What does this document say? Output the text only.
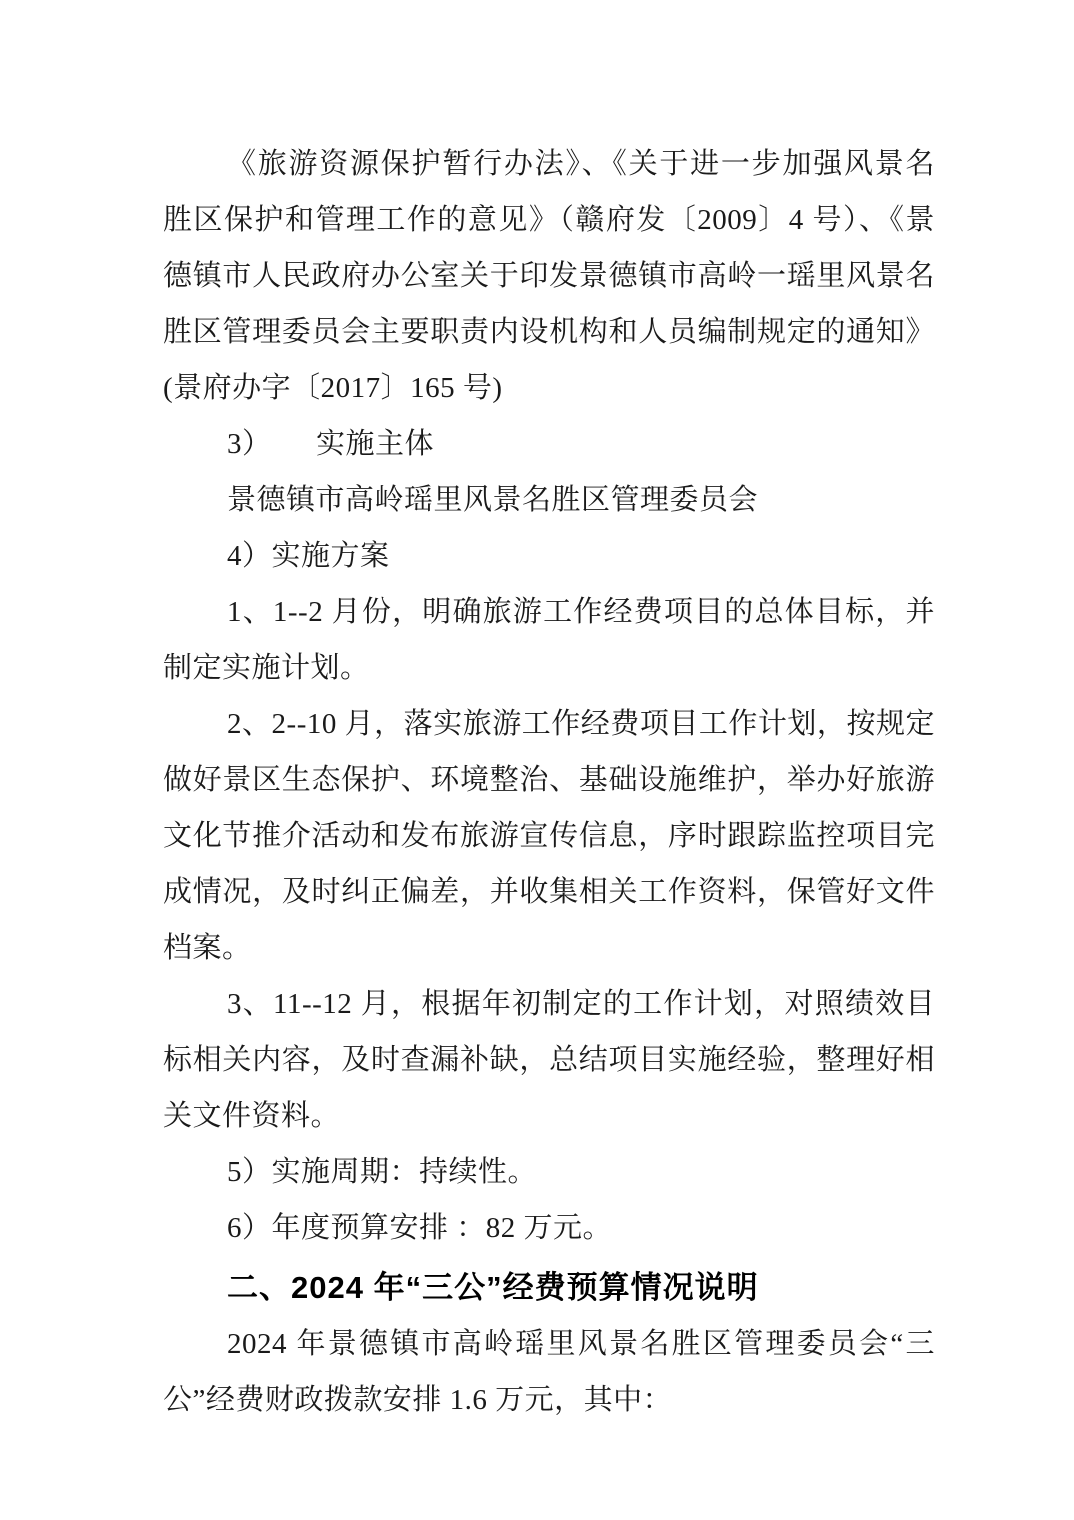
《旅游资源保护暂行办法》、《关于进一步加强风景名胜区保护和管理工作的意见》（赣府发〔2009〕4 号）、《景德镇市人民政府办公室关于印发景德镇市高岭一瑶里风景名胜区管理委员会主要职责内设机构和人员编制规定的通知》(景府办字〔2017〕165 号)

3）　　实施主体

景德镇市高岭瑶里风景名胜区管理委员会

4）实施方案

1、1--2 月份，明确旅游工作经费项目的总体目标，并制定实施计划。

2、2--10 月，落实旅游工作经费项目工作计划，按规定做好景区生态保护、环境整治、基础设施维护，举办好旅游文化节推介活动和发布旅游宣传信息，序时跟踪监控项目完成情况，及时纠正偏差，并收集相关工作资料，保管好文件档案。

3、11--12 月，根据年初制定的工作计划，对照绩效目标相关内容，及时查漏补缺，总结项目实施经验，整理好相关文件资料。

5）实施周期：持续性。

6）年度预算安排 ：82 万元。

二、2024 年“三公”经费预算情况说明

2024 年景德镇市高岭瑶里风景名胜区管理委员会“三公”经费财政拨款安排 1.6 万元，其中：
